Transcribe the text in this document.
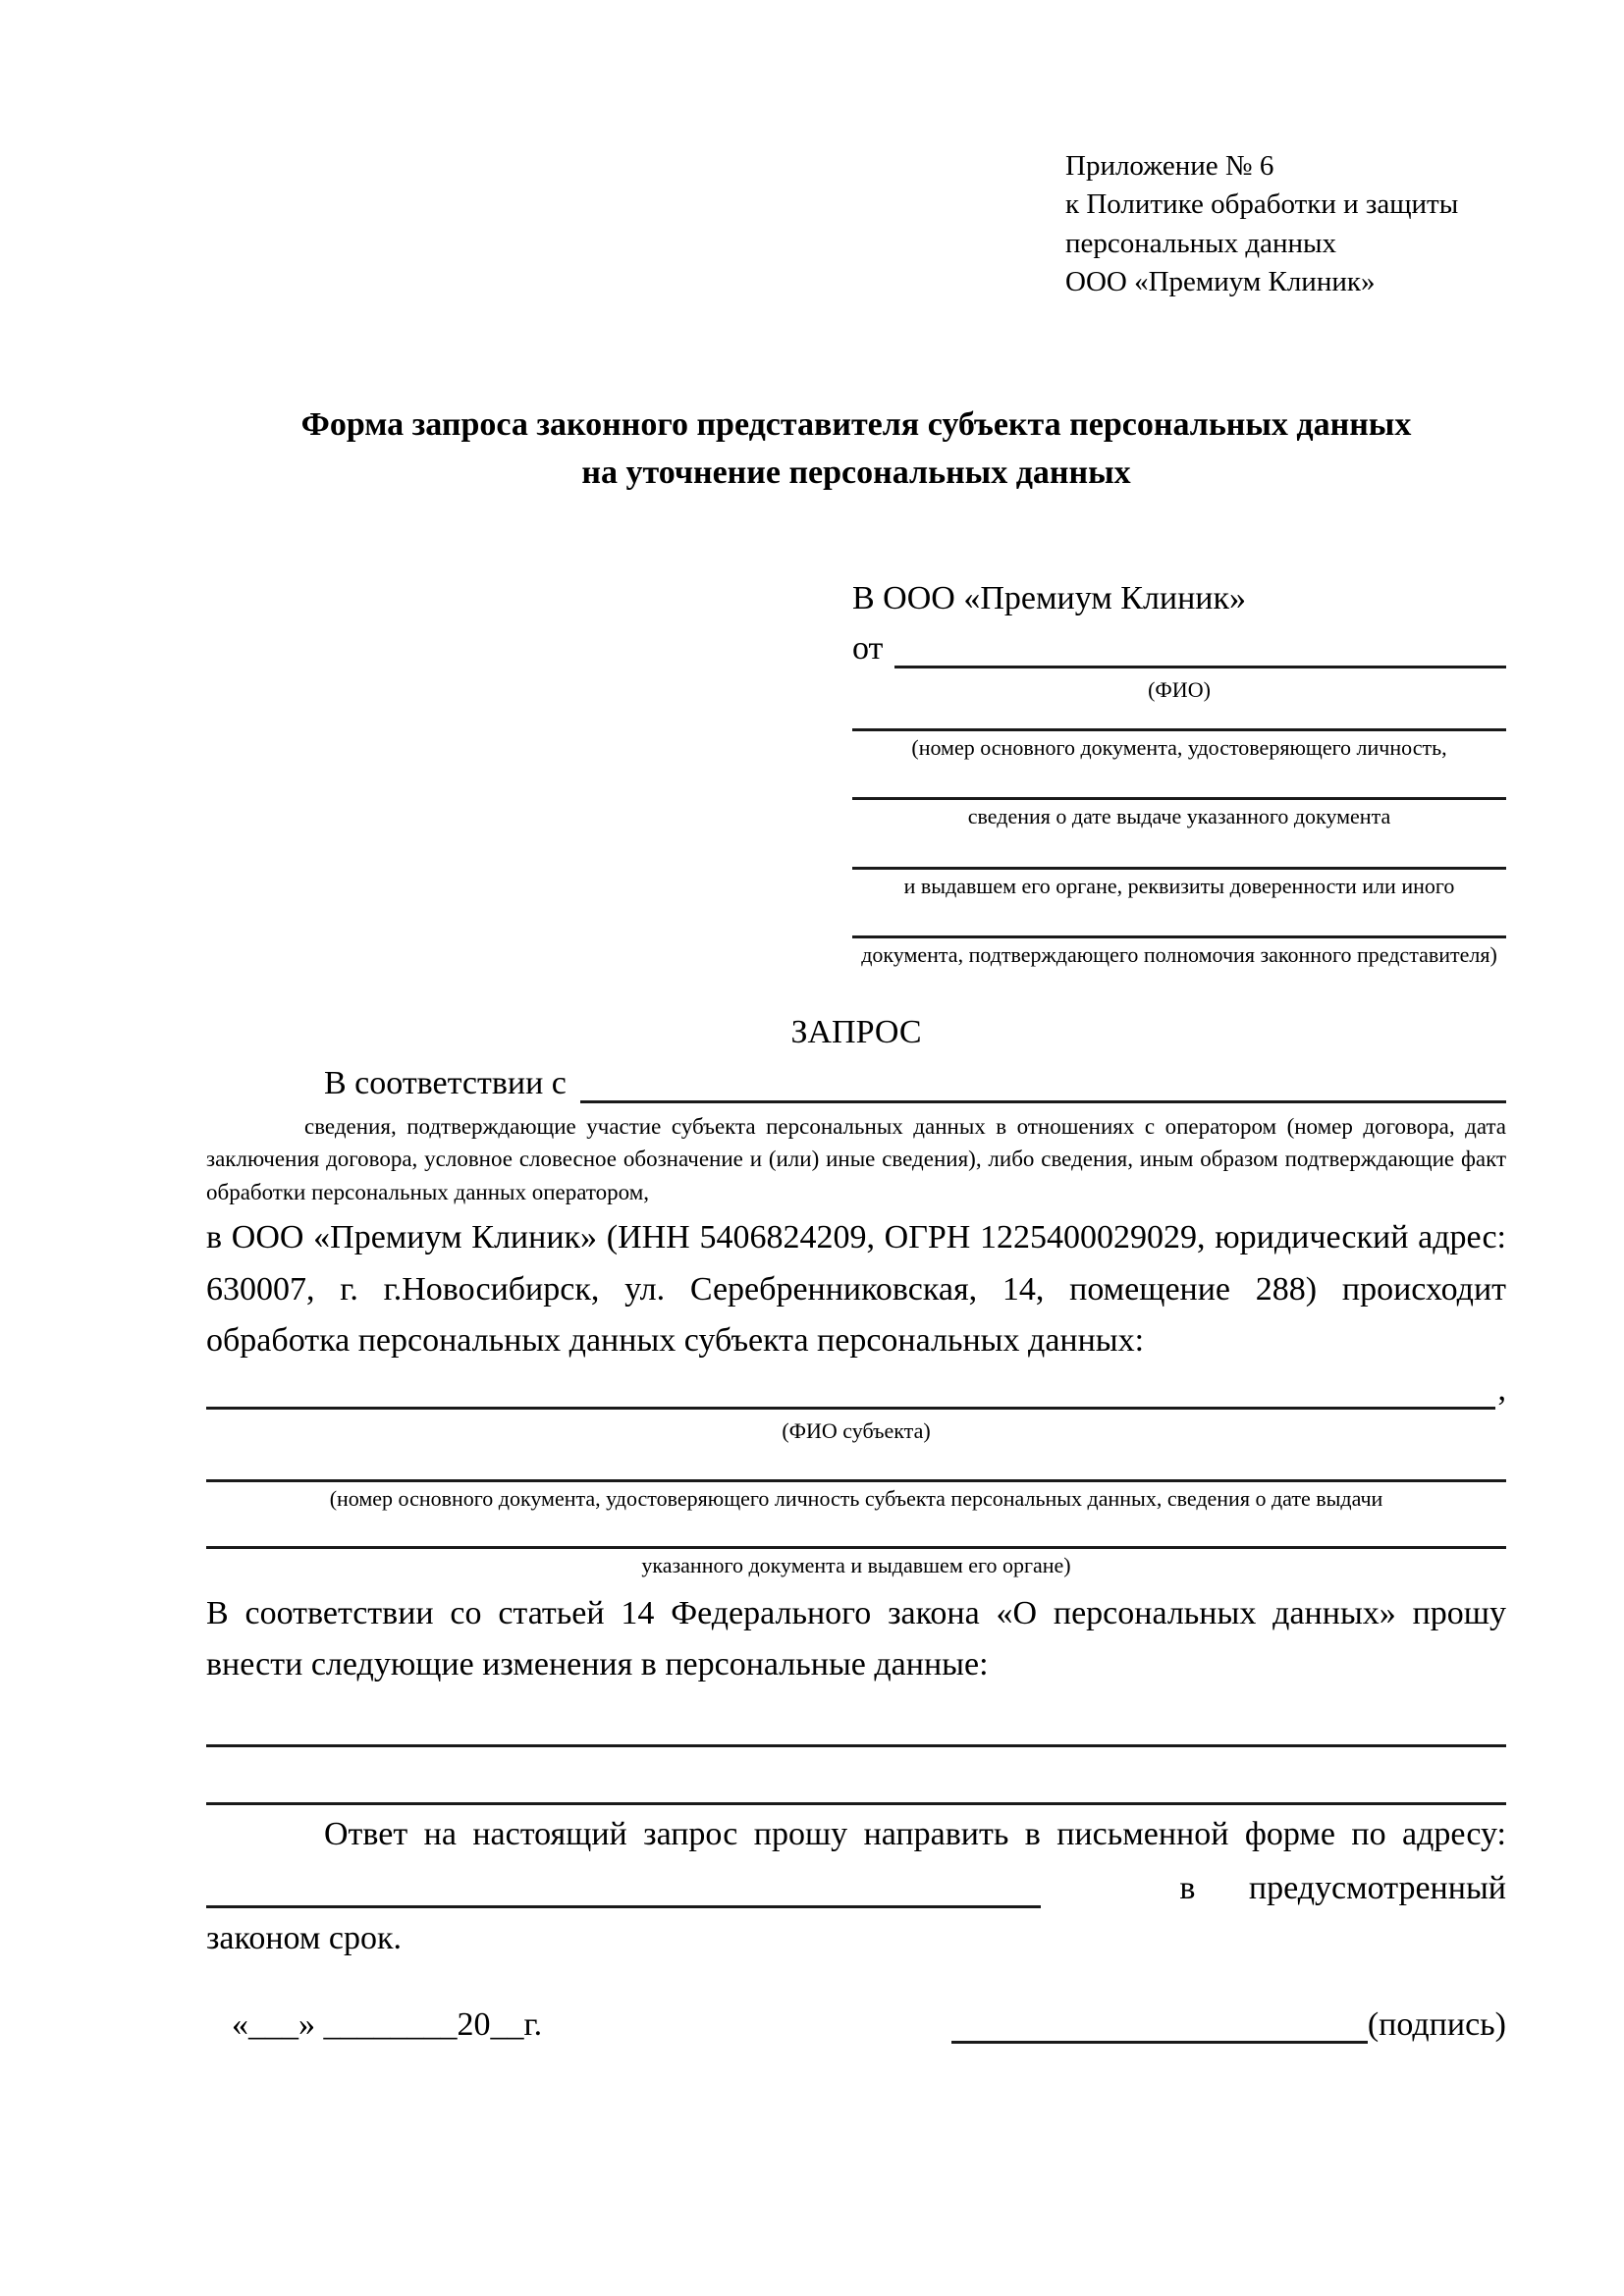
Приложение № 6
к Политике обработки и защиты
персональных данных
ООО «Премиум Клиник»
Форма запроса законного представителя субъекта персональных данных
на уточнение персональных данных
В ООО «Премиум Клиник»
от
(ФИО)
(номер основного документа, удостоверяющего личность,
сведения о дате выдаче указанного документа
и выдавшем его органе, реквизиты доверенности или иного
документа, подтверждающего полномочия законного представителя)
ЗАПРОС
В соответствии с
сведения, подтверждающие участие субъекта персональных данных в отношениях с оператором (номер договора, дата заключения договора, условное словесное обозначение и (или) иные сведения), либо сведения, иным образом подтверждающие факт обработки персональных данных оператором,

в ООО «Премиум Клиник» (ИНН 5406824209, ОГРН 1225400029029, юридический адрес: 630007, г. г.Новосибирск, ул. Серебренниковская, 14, помещение 288) происходит обработка персональных данных субъекта персональных данных:

,
(ФИО субъекта)
(номер основного документа, удостоверяющего личность субъекта персональных данных, сведения о дате выдачи
указанного документа и выдавшем его органе)

В соответствии со статьей 14 Федерального закона «О персональных данных» прошу внести следующие изменения в персональные данные:

Ответ на настоящий запрос прошу направить в письменной форме по адресу:
в предусмотренный
законом срок.
«___» ________20__г.	(подпись)
